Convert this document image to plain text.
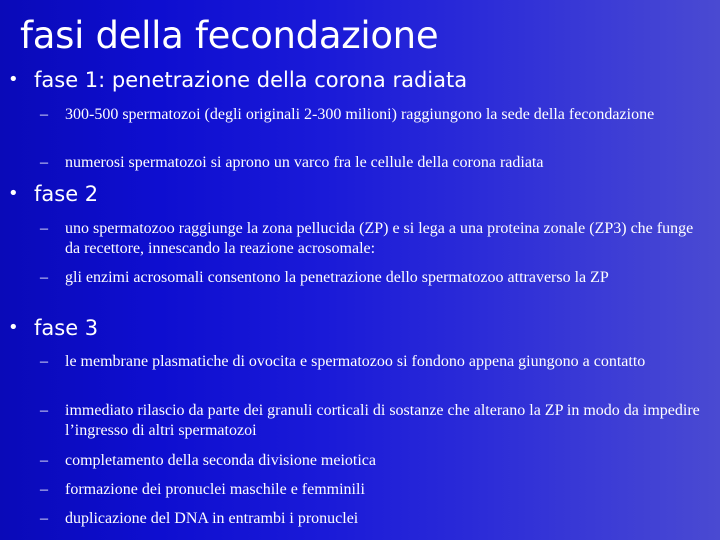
fasi della fecondazione
• fase 1: penetrazione della corona radiata
– 300-500 spermatozoi (degli originali 2-300 milioni) raggiungono la sede della fecondazione
– numerosi spermatozoi si aprono un varco fra le cellule della corona radiata
• fase 2
– uno spermatozoo raggiunge la zona pellucida (ZP) e si lega a una proteina zonale (ZP3) che funge da recettore, innescando la reazione acrosomale:
– gli enzimi acrosomali consentono la penetrazione dello spermatozoo attraverso la ZP
• fase 3
– le membrane plasmatiche di ovocita e spermatozoo si fondono appena giungono a contatto
– immediato rilascio da parte dei granuli corticali di sostanze che alterano la ZP in modo da impedire l’ingresso di altri spermatozoi
– completamento della seconda divisione meiotica
– formazione dei pronuclei maschile e femminili
– duplicazione del DNA in entrambi i pronuclei
